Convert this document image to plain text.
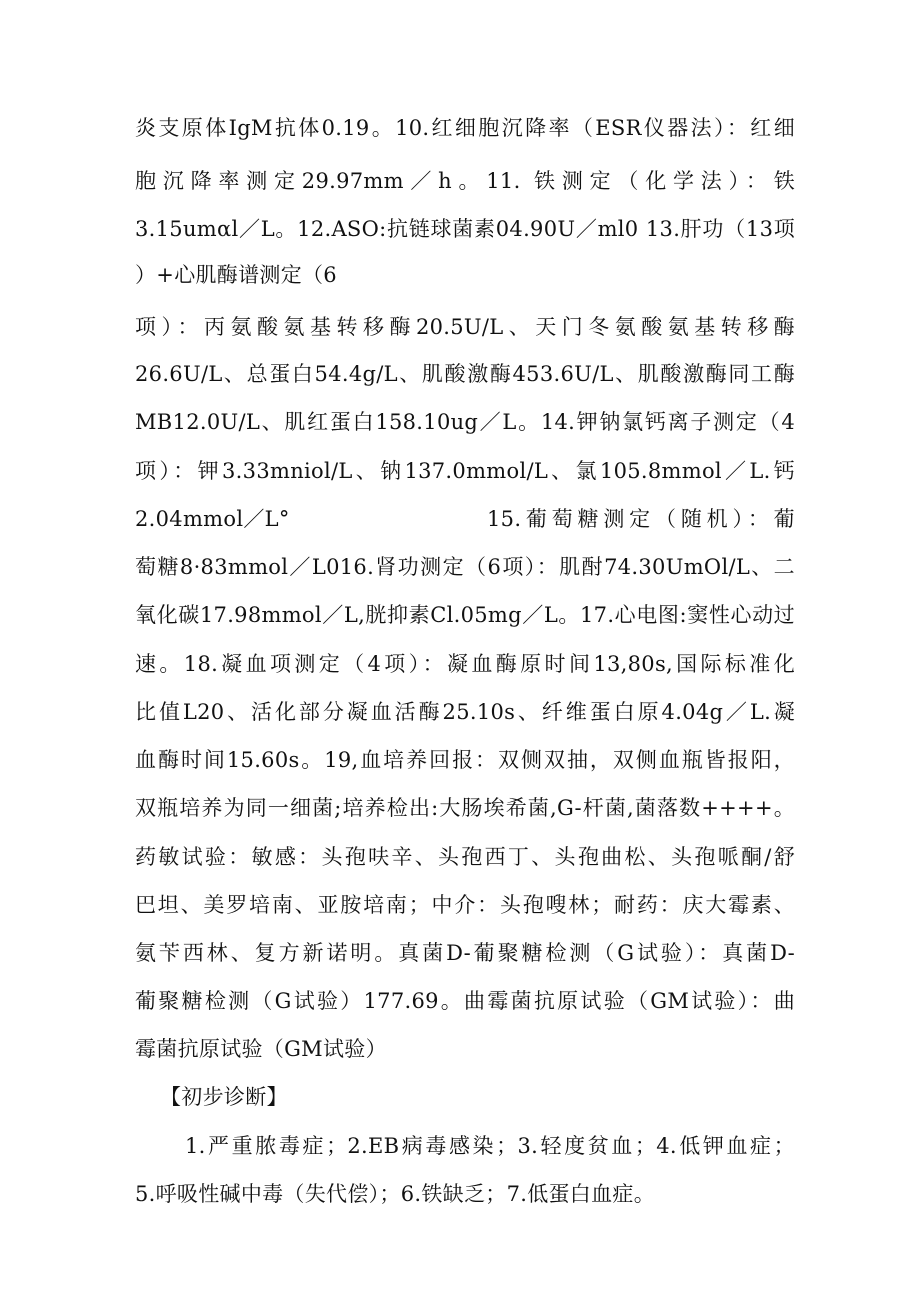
炎支原体IgM抗体0.19。10.红细胞沉降率（ESR仪器法）：红细
胞沉降率测定29.97mm／h。11. 铁测定（化学法）：铁
3.15umαl／L。12.ASO:抗链球菌素04.90U／ml0 13.肝功（13项
）+心肌酶谱测定（6
项）：丙氨酸氨基转移酶20.5U/L、天门冬氨酸氨基转移酶
26.6U/L、总蛋白54.4g/L、肌酸激酶453.6U/L、肌酸激酶同工酶
MB12.0U/L、肌红蛋白158.10ug／L。14.钾钠氯钙离子测定（4
项）：钾3.33mniol/L、钠137.0mmol/L、氯105.8mmol／L.钙
2.04mmol／L°	15.葡萄糖测定（随机）：葡
萄糖8·83mmol／L016.肾功测定（6项）：肌酎74.30UmOl/L、二
氧化碳17.98mmol／L,胱抑素Cl.05mg／L。17.心电图:窦性心动过
速。18.凝血项测定（4项）：凝血酶原时间13,80s,国际标准化
比值L20、活化部分凝血活酶25.10s、纤维蛋白原4.04g／L.凝
血酶时间15.60s。19,血培养回报：双侧双抽，双侧血瓶皆报阳，
双瓶培养为同一细菌;培养检出:大肠埃希菌,G-杆菌,菌落数++++。
药敏试验：敏感：头孢呋辛、头孢西丁、头孢曲松、头孢哌酮/舒
巴坦、美罗培南、亚胺培南；中介：头孢嗖林；耐药：庆大霉素、
氨苄西林、复方新诺明。真菌D-葡聚糖检测（G试验）：真菌D-
葡聚糖检测（G试验）177.69。曲霉菌抗原试验（GM试验）：曲
霉菌抗原试验（GM试验）
【初步诊断】
1.严重脓毒症；2.EB病毒感染；3.轻度贫血；4.低钾血症；
5.呼吸性碱中毒（失代偿）；6.铁缺乏；7.低蛋白血症。
